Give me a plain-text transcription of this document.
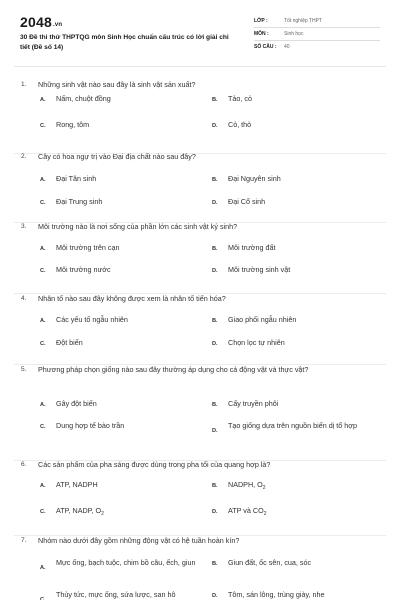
2048.vn
30 Đề thi thử THPTQG môn Sinh Học chuẩn cấu trúc có lời giải chi tiết (Đề số 14)
LỚP :	Tốt nghiệp THPT
MÔN :	Sinh học
SỐ CÂU :	40
1. Những sinh vật nào sau đây là sinh vật sản xuất?
A. Nấm, chuột đồng	B. Tảo, cỏ
C. Rong, tôm	D. Cỏ, thỏ
2. Cây có hoa ngự trị vào Đại địa chất nào sau đây?
A. Đại Tân sinh	B. Đại Nguyên sinh
C. Đại Trung sinh	D. Đại Cổ sinh
3. Môi trường nào là nơi sống của phần lớn các sinh vật ký sinh?
A. Môi trường trên cạn	B. Môi trường đất
C. Môi trường nước	D. Môi trường sinh vật
4. Nhân tố nào sau đây không được xem là nhân tố tiến hóa?
A. Các yếu tố ngẫu nhiên	B. Giao phối ngẫu nhiên
C. Đột biến	D. Chọn lọc tự nhiên
5. Phương pháp chọn giống nào sau đây thường áp dụng cho cả động vật và thực vật?
A. Gây đột biến	B. Cấy truyền phôi
C. Dung hợp tế bào trần
D.
Tạo giống dựa trên nguồn biến dị tổ hợp
6. Các sản phẩm của pha sáng được dùng trong pha tối của quang hợp là?
A. ATP, NADPH	B. NADPH, $O_2$
C. ATP, NADP, $O_2$	D. ATP và $CO_2$
7. Nhóm nào dưới đây gồm những động vật có hệ tuần hoàn kín?
A.
Mực ống, bạch tuộc, chim bồ câu, ếch, giun	B. Giun đất, ốc sên, cua, sóc
C.
Thủy tức, mực ống, sứa lược, san hô	D. Tôm, sán lông, trùng giày, nhe
